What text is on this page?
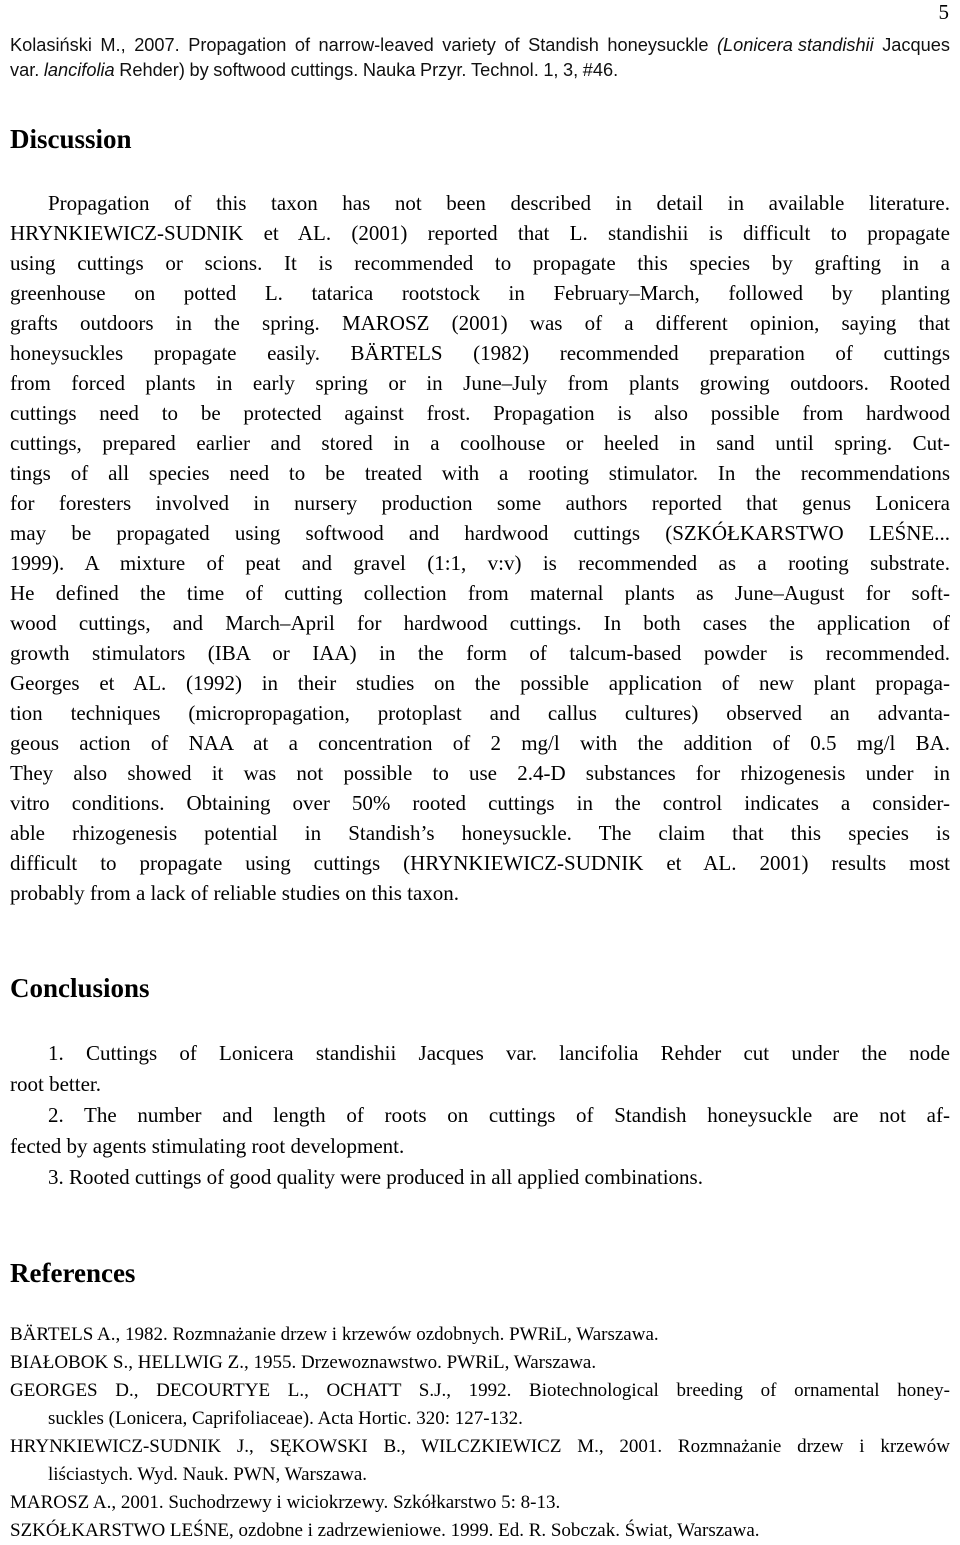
5
Kolasiński M., 2007. Propagation of narrow-leaved variety of Standish honeysuckle (Lonicera standishii Jacques
var. lancifolia Rehder) by softwood cuttings. Nauka Przyr. Technol. 1, 3, #46.
Discussion
Propagation of this taxon has not been described in detail in available literature.
HRYNKIEWICZ-SUDNIK et AL. (2001) reported that L. standishii is difficult to propagate
using cuttings or scions. It is recommended to propagate this species by grafting in a
greenhouse on potted L. tatarica rootstock in February–March, followed by planting
grafts outdoors in the spring. MAROSZ (2001) was of a different opinion, saying that
honeysuckles propagate easily. BÄRTELS (1982) recommended preparation of cuttings
from forced plants in early spring or in June–July from plants growing outdoors. Rooted
cuttings need to be protected against frost. Propagation is also possible from hardwood
cuttings, prepared earlier and stored in a coolhouse or heeled in sand until spring. Cut-
tings of all species need to be treated with a rooting stimulator. In the recommendations
for foresters involved in nursery production some authors reported that genus Lonicera
may be propagated using softwood and hardwood cuttings (SZKÓŁKARSTWO LEŚNE...
1999). A mixture of peat and gravel (1:1, v:v) is recommended as a rooting substrate.
He defined the time of cutting collection from maternal plants as June–August for soft-
wood cuttings, and March–April for hardwood cuttings. In both cases the application of
growth stimulators (IBA or IAA) in the form of talcum-based powder is recommended.
Georges et AL. (1992) in their studies on the possible application of new plant propaga-
tion techniques (micropropagation, protoplast and callus cultures) observed an advanta-
geous action of NAA at a concentration of 2 mg/l with the addition of 0.5 mg/l BA.
They also showed it was not possible to use 2.4-D substances for rhizogenesis under in
vitro conditions. Obtaining over 50% rooted cuttings in the control indicates a consider-
able rhizogenesis potential in Standish’s honeysuckle. The claim that this species is
difficult to propagate using cuttings (HRYNKIEWICZ-SUDNIK et AL. 2001) results most
probably from a lack of reliable studies on this taxon.
Conclusions
1. Cuttings of Lonicera standishii Jacques var. lancifolia Rehder cut under the node
root better.
2. The number and length of roots on cuttings of Standish honeysuckle are not af-
fected by agents stimulating root development.
3. Rooted cuttings of good quality were produced in all applied combinations.
References
BÄRTELS A., 1982. Rozmnażanie drzew i krzewów ozdobnych. PWRiL, Warszawa.
BIAŁOBOK S., HELLWIG Z., 1955. Drzewoznawstwo. PWRiL, Warszawa.
GEORGES D., DECOURTYE L., OCHATT S.J., 1992. Biotechnological breeding of ornamental honey-
suckles (Lonicera, Caprifoliaceae). Acta Hortic. 320: 127-132.
HRYNKIEWICZ-SUDNIK J., SĘKOWSKI B., WILCZKIEWICZ M., 2001. Rozmnażanie drzew i krzewów
liściastych. Wyd. Nauk. PWN, Warszawa.
MAROSZ A., 2001. Suchodrzewy i wiciokrzewy. Szkółkarstwo 5: 8-13.
SZKÓŁKARSTWO LEŚNE, ozdobne i zadrzewieniowe. 1999. Ed. R. Sobczak. Świat, Warszawa.
